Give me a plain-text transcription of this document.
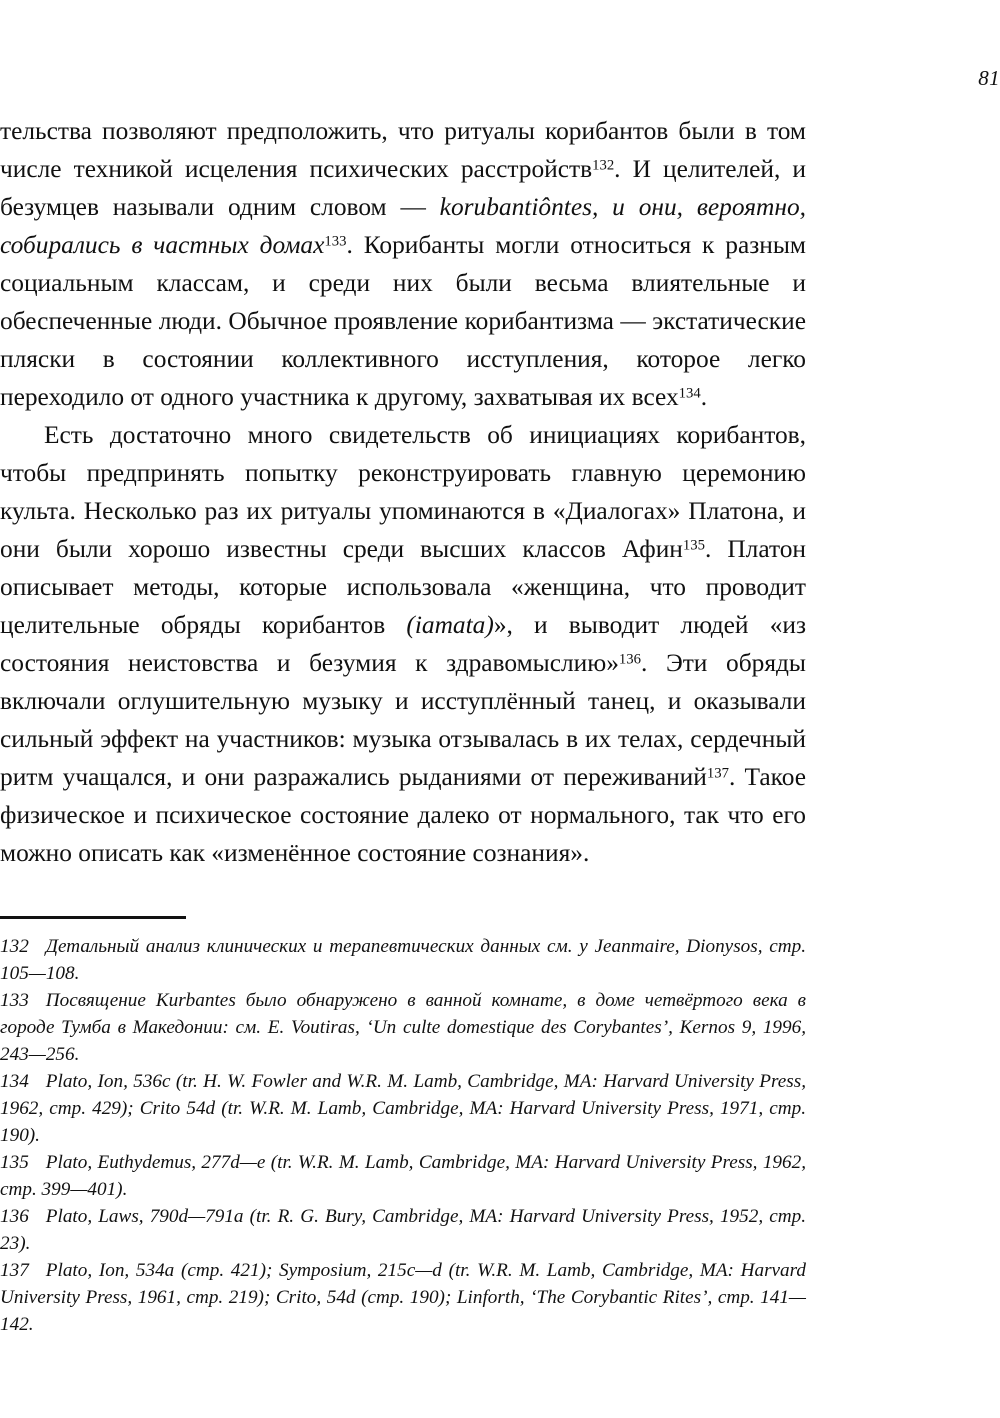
81

тельства позволяют предположить, что ритуалы корибантов были в том числе техникой исцеления психических расстройств$^{132}$. И целителей, и безумцев называли одним словом — korubantiôntes, и они, вероятно, собирались в частных домах$^{133}$. Корибанты могли относиться к разным социальным классам, и среди них были весьма влиятельные и обеспеченные люди. Обычное проявление корибантизма — экстатические пляски в состоянии коллективного исступления, которое легко переходило от одного участника к другому, захватывая их всех$^{134}$.

Есть достаточно много свидетельств об инициациях корибантов, чтобы предпринять попытку реконструировать главную церемонию культа. Несколько раз их ритуалы упоминаются в «Диалогах» Платона, и они были хорошо известны среди высших классов Афин$^{135}$. Платон описывает методы, которые использовала «женщина, что проводит целительные обряды корибантов (iamata)», и выводит людей «из состояния неистовства и безумия к здравомыслию»$^{136}$. Эти обряды включали оглушительную музыку и исступлённый танец, и оказывали сильный эффект на участников: музыка отзывалась в их телах, сердечный ритм учащался, и они разражались рыданиями от переживаний$^{137}$. Такое физическое и психическое состояние далеко от нормального, так что его можно описать как «изменённое состояние сознания».

132 Детальный анализ клинических и терапевтических данных см. у Jeanmaire, Dionysos, стр. 105—108.

133 Посвящение Kurbantes было обнаружено в ванной комнате, в доме четвёртого века в городе Тумба в Македонии: см. E. Voutiras, ‘Un culte domestique des Corybantes’, Kernos 9, 1996, 243—256.

134 Plato, Ion, 536c (tr. H. W. Fowler and W.R. M. Lamb, Cambridge, MA: Harvard University Press, 1962, стр. 429); Crito 54d (tr. W.R. M. Lamb, Cambridge, MA: Harvard University Press, 1971, стр. 190).

135 Plato, Euthydemus, 277d—e (tr. W.R. M. Lamb, Cambridge, MA: Harvard University Press, 1962, стр. 399—401).

136 Plato, Laws, 790d—791a (tr. R. G. Bury, Cambridge, MA: Harvard University Press, 1952, стр. 23).

137 Plato, Ion, 534a (стр. 421); Symposium, 215c—d (tr. W.R. M. Lamb, Cambridge, MA: Harvard University Press, 1961, стр. 219); Crito, 54d (стр. 190); Linforth, ‘The Corybantic Rites’, стр. 141—142.
